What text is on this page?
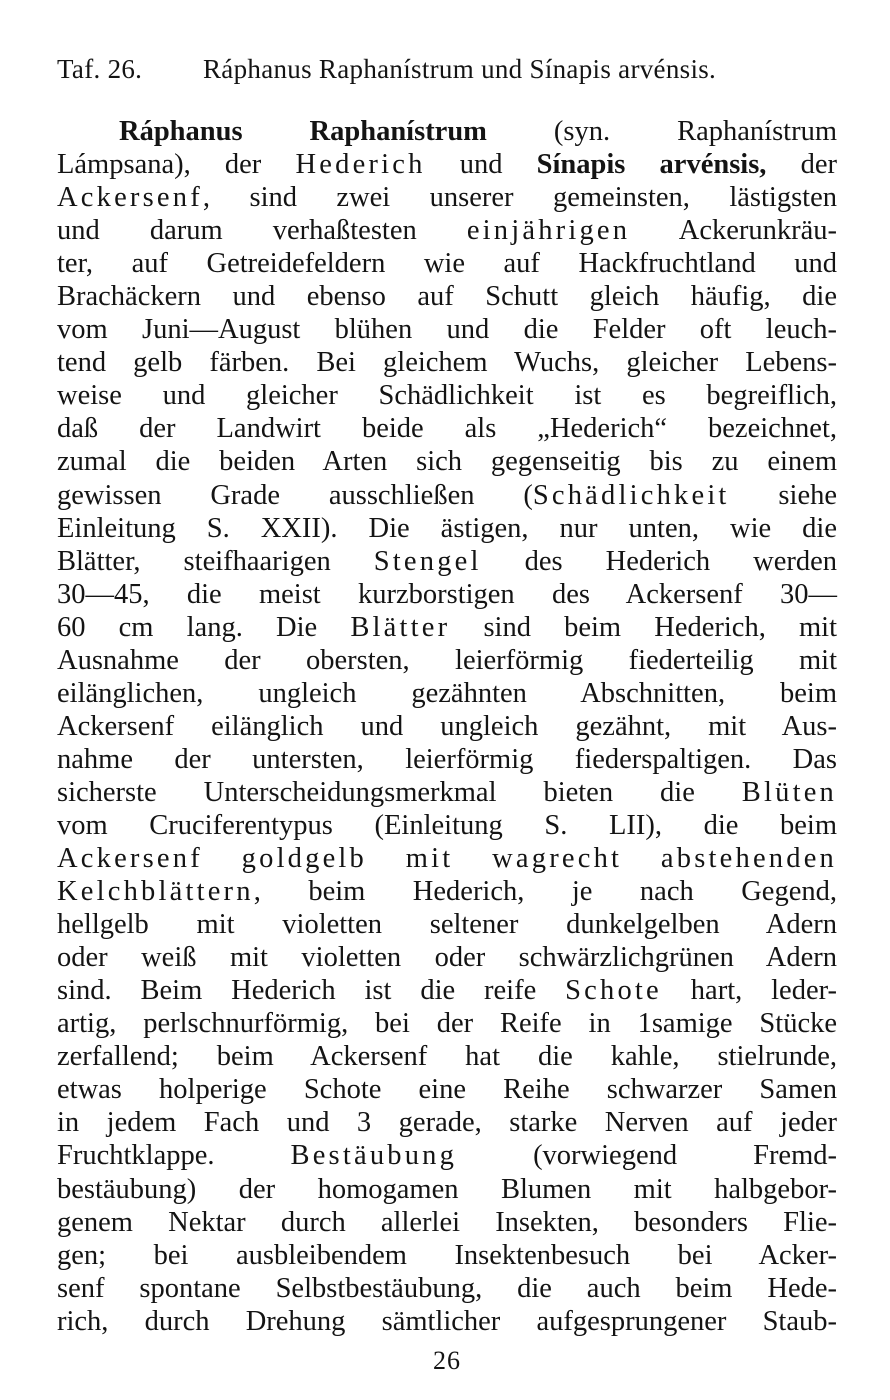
Taf. 26. Ráphanus Raphanístrum und Sínapis arvénsis.
Ráphanus Raphanístrum (syn. Raphanístrum
Lámpsana), der Hederich und Sínapis arvénsis, der
Ackersenf, sind zwei unserer gemeinsten, lästigsten
und darum verhaßtesten einjährigen Ackerunkräu-
ter, auf Getreidefeldern wie auf Hackfruchtland und
Brachäckern und ebenso auf Schutt gleich häufig, die
vom Juni—August blühen und die Felder oft leuch-
tend gelb färben. Bei gleichem Wuchs, gleicher Lebens-
weise und gleicher Schädlichkeit ist es begreiflich,
daß der Landwirt beide als „Hederich“ bezeichnet,
zumal die beiden Arten sich gegenseitig bis zu einem
gewissen Grade ausschließen (Schädlichkeit siehe
Einleitung S. XXII). Die ästigen, nur unten, wie die
Blätter, steifhaarigen Stengel des Hederich werden
30—45, die meist kurzborstigen des Ackersenf 30—
60 cm lang. Die Blätter sind beim Hederich, mit
Ausnahme der obersten, leierförmig fiederteilig mit
eilänglichen, ungleich gezähnten Abschnitten, beim
Ackersenf eilänglich und ungleich gezähnt, mit Aus-
nahme der untersten, leierförmig fiederspaltigen. Das
sicherste Unterscheidungsmerkmal bieten die Blüten
vom Cruciferentypus (Einleitung S. LII), die beim
Ackersenf goldgelb mit wagrecht abstehenden
Kelchblättern, beim Hederich, je nach Gegend,
hellgelb mit violetten seltener dunkelgelben Adern
oder weiß mit violetten oder schwärzlichgrünen Adern
sind. Beim Hederich ist die reife Schote hart, leder-
artig, perlschnurförmig, bei der Reife in 1samige Stücke
zerfallend; beim Ackersenf hat die kahle, stielrunde,
etwas holperige Schote eine Reihe schwarzer Samen
in jedem Fach und 3 gerade, starke Nerven auf jeder
Fruchtklappe. Bestäubung (vorwiegend Fremd-
bestäubung) der homogamen Blumen mit halbgebor-
genem Nektar durch allerlei Insekten, besonders Flie-
gen; bei ausbleibendem Insektenbesuch bei Acker-
senf spontane Selbstbestäubung, die auch beim Hede-
rich, durch Drehung sämtlicher aufgesprungener Staub-
26
